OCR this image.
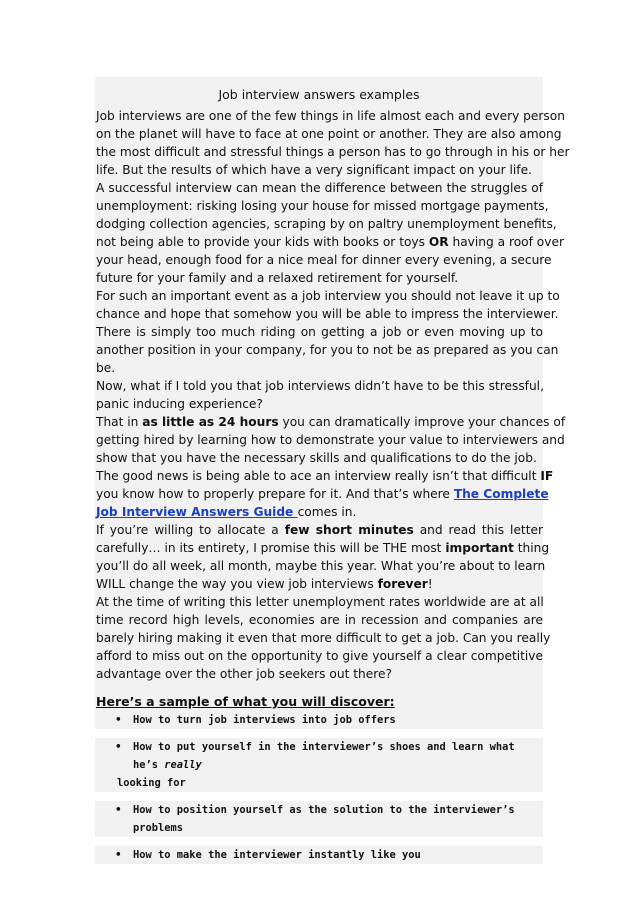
Job interview answers examples
Job interviews are one of the few things in life almost each and every person
on the planet will have to face at one point or another. They are also among
the most difficult and stressful things a person has to go through in his or her
life. But the results of which have a very significant impact on your life.
A successful interview can mean the difference between the struggles of
unemployment: risking losing your house for missed mortgage payments,
dodging collection agencies, scraping by on paltry unemployment benefits,
not being able to provide your kids with books or toys OR having a roof over
your head, enough food for a nice meal for dinner every evening, a secure
future for your family and a relaxed retirement for yourself.
For such an important event as a job interview you should not leave it up to
chance and hope that somehow you will be able to impress the interviewer.
There is simply too much riding on getting a job or even moving up to
another position in your company, for you to not be as prepared as you can
be.
Now, what if I told you that job interviews didn’t have to be this stressful,
panic inducing experience?
That in as little as 24 hours you can dramatically improve your chances of
getting hired by learning how to demonstrate your value to interviewers and
show that you have the necessary skills and qualifications to do the job.
The good news is being able to ace an interview really isn’t that difficult IF
you know how to properly prepare for it. And that’s where The Complete
Job Interview Answers Guide comes in.
If you’re willing to allocate a few short minutes and read this letter
carefully… in its entirety, I promise this will be THE most important thing
you’ll do all week, all month, maybe this year. What you’re about to learn
WILL change the way you view job interviews forever!
At the time of writing this letter unemployment rates worldwide are at all
time record high levels, economies are in recession and companies are
barely hiring making it even that more difficult to get a job. Can you really
afford to miss out on the opportunity to give yourself a clear competitive
advantage over the other job seekers out there?
Here’s a sample of what you will discover:
• How to turn job interviews into job offers
• How to put yourself in the interviewer’s shoes and learn what he’s really
looking for
• How to position yourself as the solution to the interviewer’s problems
• How to make the interviewer instantly like you
